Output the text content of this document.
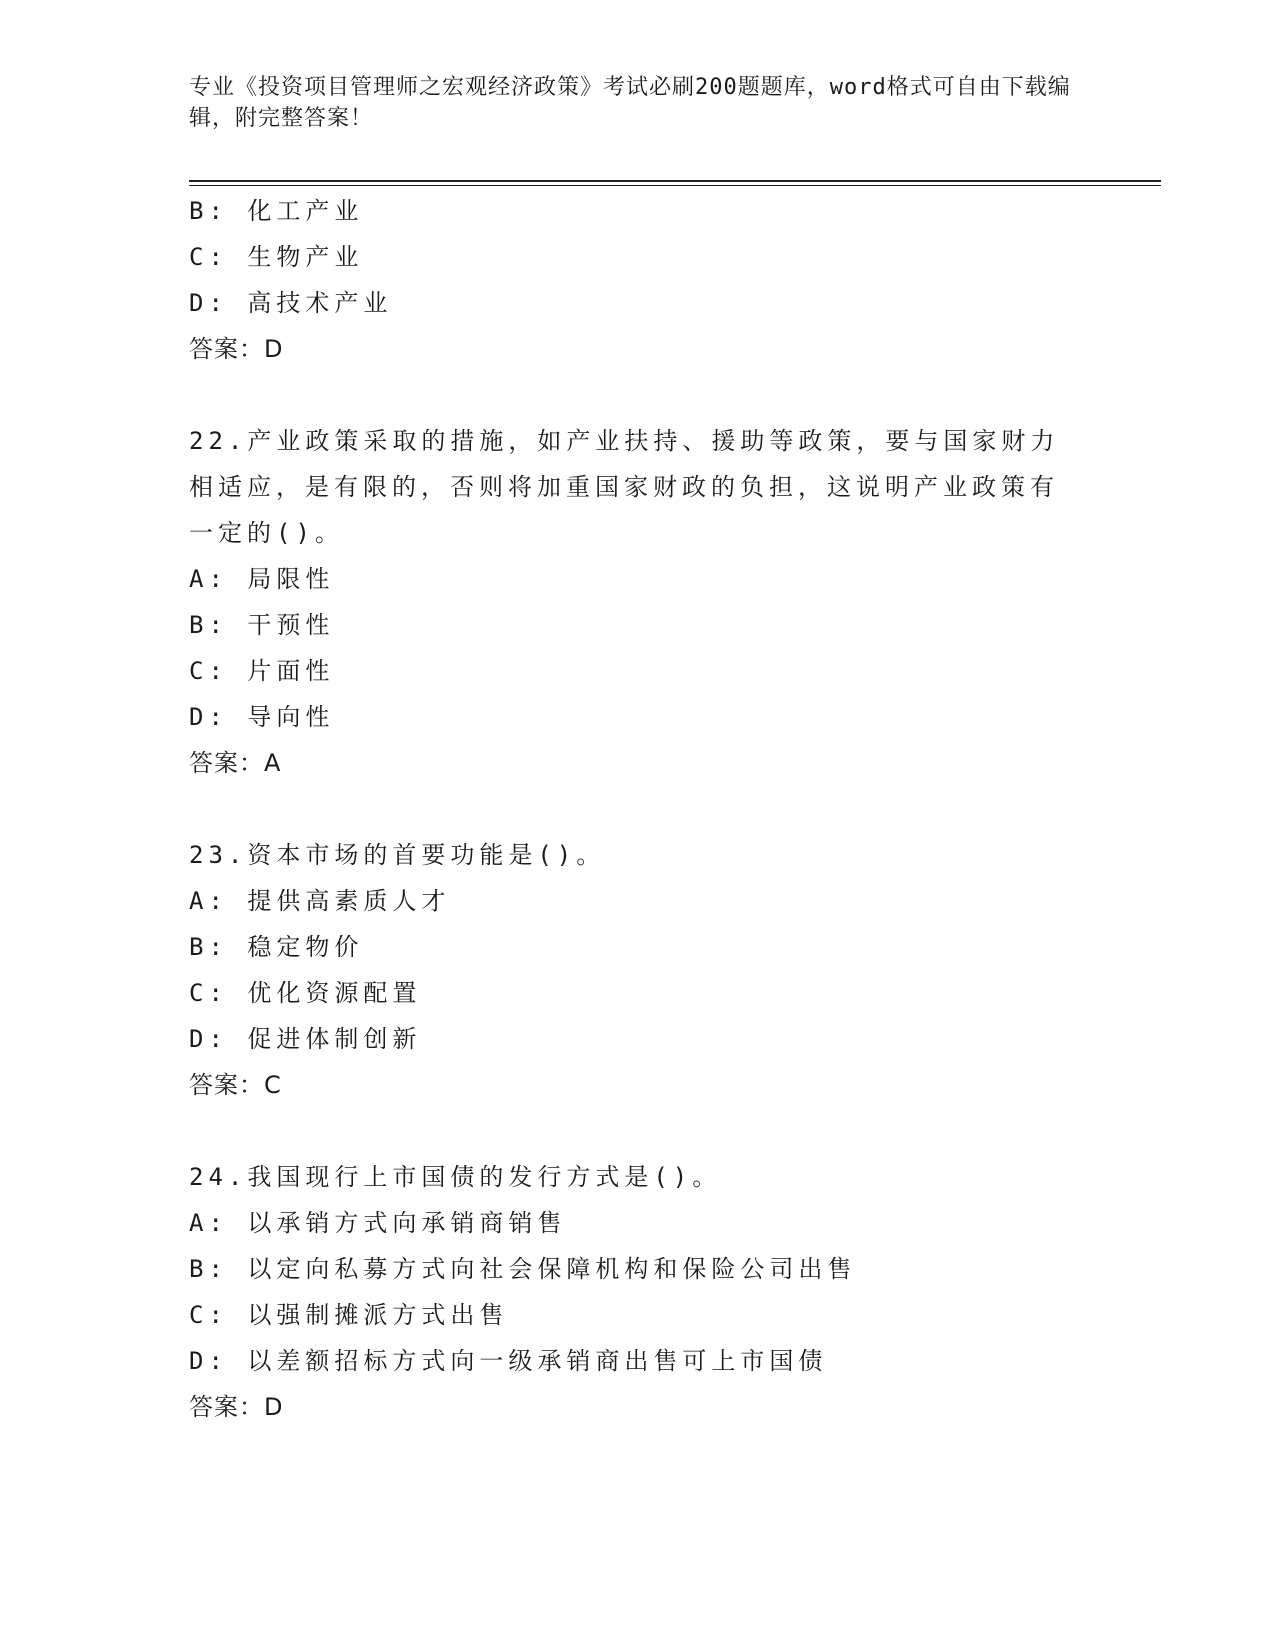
专业《投资项目管理师之宏观经济政策》考试必刷200题题库，word格式可自由下载编辑，附完整答案！
B: 化工产业
C: 生物产业
D: 高技术产业
答案：D
22.产业政策采取的措施，如产业扶持、援助等政策，要与国家财力相适应，是有限的，否则将加重国家财政的负担，这说明产业政策有一定的()。
A: 局限性
B: 干预性
C: 片面性
D: 导向性
答案：A
23.资本市场的首要功能是()。
A: 提供高素质人才
B: 稳定物价
C: 优化资源配置
D: 促进体制创新
答案：C
24.我国现行上市国债的发行方式是()。
A: 以承销方式向承销商销售
B: 以定向私募方式向社会保障机构和保险公司出售
C: 以强制摊派方式出售
D: 以差额招标方式向一级承销商出售可上市国债
答案：D
